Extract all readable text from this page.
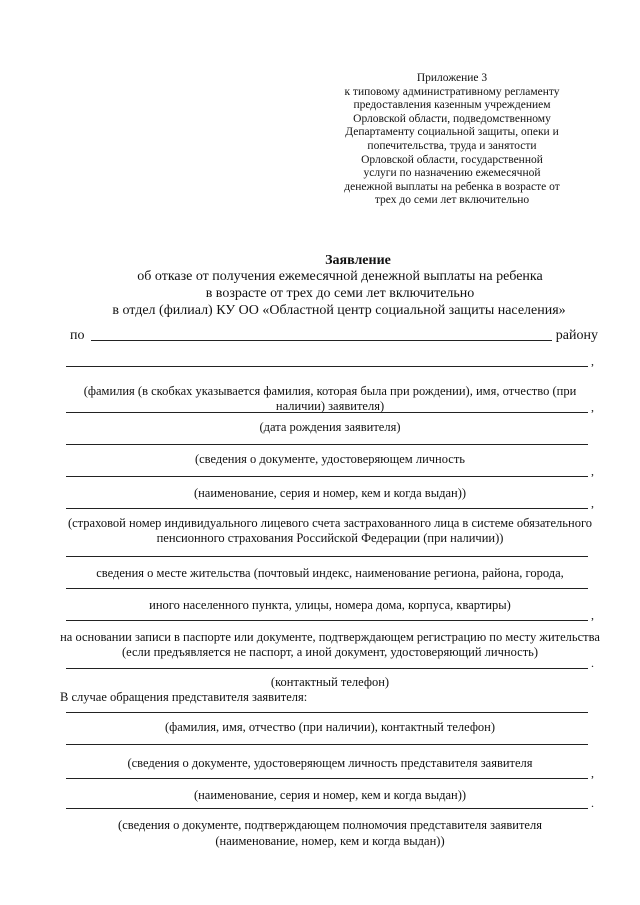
Приложение 3
к типовому административному регламенту
предоставления казенным учреждением
Орловской области, подведомственному
Департаменту социальной защиты, опеки и
попечительства, труда и занятости
Орловской области, государственной
услуги по назначению ежемесячной
денежной выплаты на ребенка в возрасте от
трех до семи лет включительно
Заявление
об отказе от получения ежемесячной денежной выплаты на ребенка
в возрасте от трех до семи лет включительно
в отдел (филиал) КУ ОО «Областной центр социальной защиты населения»
по	району
,
(фамилия (в скобках указывается фамилия, которая была при рождении), имя, отчество (при наличии) заявителя)	,
(дата рождения заявителя)
(сведения о документе, удостоверяющем личность
,
(наименование, серия и номер, кем и когда выдан))
,
(страховой номер индивидуального лицевого счета застрахованного лица в системе обязательного пенсионного страхования Российской Федерации (при наличии))
сведения о месте жительства (почтовый индекс, наименование региона, района, города,
иного населенного пункта, улицы, номера дома, корпуса, квартиры)
,
на основании записи в паспорте или документе, подтверждающем регистрацию по месту жительства (если предъявляется не паспорт, а иной документ, удостоверяющий личность)
.
(контактный телефон)
В случае обращения представителя заявителя:
(фамилия, имя, отчество (при наличии), контактный телефон)
(сведения о документе, удостоверяющем личность представителя заявителя
,
(наименование, серия и номер, кем и когда выдан))
.
(сведения о документе, подтверждающем полномочия представителя заявителя
(наименование, номер, кем и когда выдан))
